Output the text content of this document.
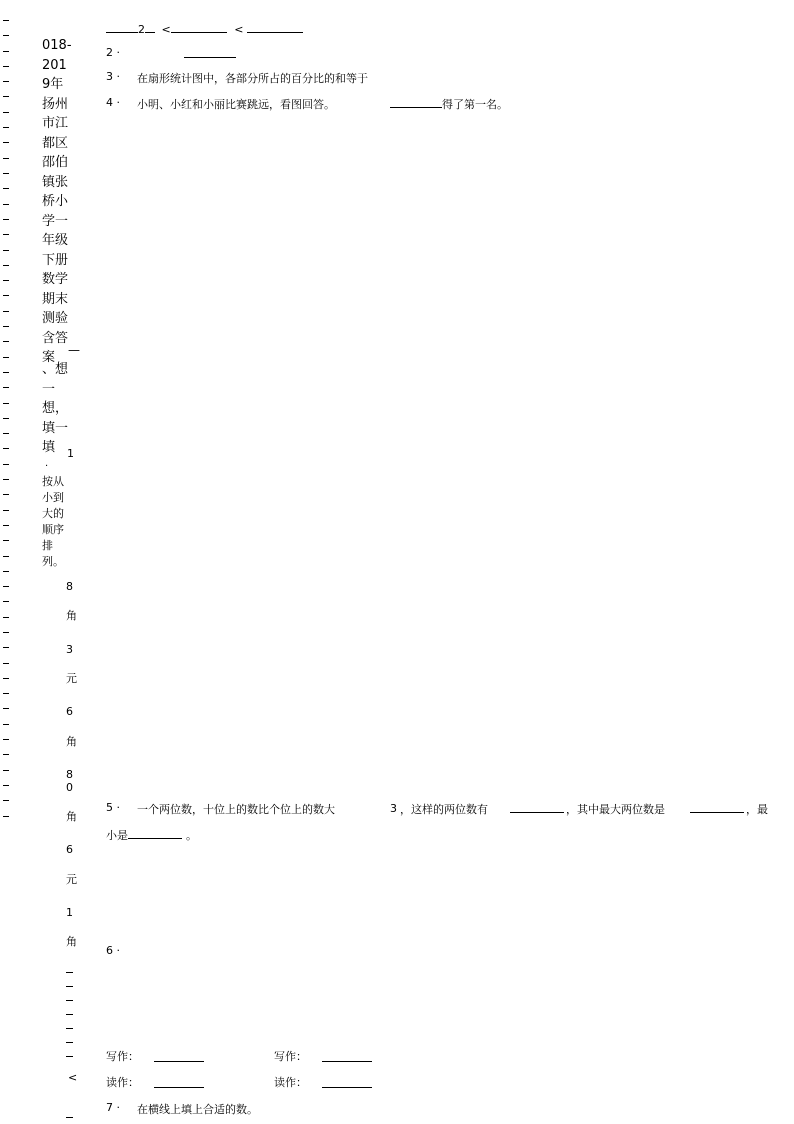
018-2019年扬州市江都区邵伯镇张桥小学一年级下册数学期末测验含答案	—
、想一想，填一填	1
.
按从小到大的顺序排列。
8
角
3
元
6
角
8
0
角
6
元
1
角
<
2 <	<
2 ·
3 · 在扇形统计图中，各部分所占的百分比的和等于
4 · 小明、小红和小丽比赛跳远，看图回答。	得了第一名。
5 · 一个两位数，十位上的数比个位上的数大	3 ，这样的两位数有	，其中最大两位数是	，最
小是	。
6 ·
写作：	写作：
读作：	读作：
7 · 在横线上填上合适的数。
